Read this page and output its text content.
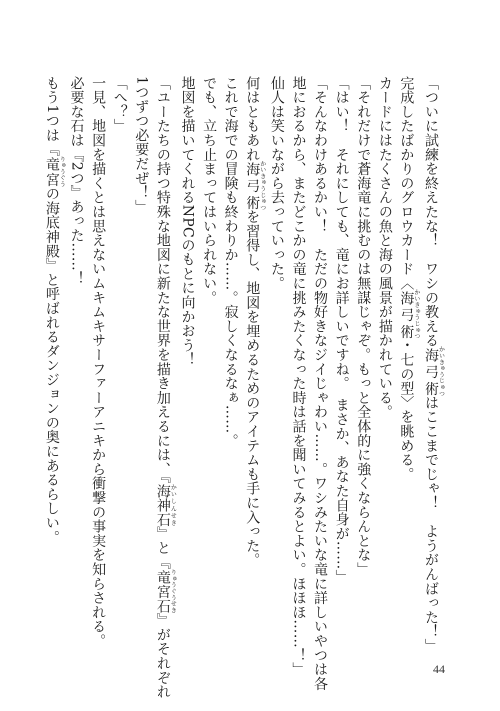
「ついに試練を終えたな！　ワシの教える海弓術かいきゅうじゅつはここまでじゃ！　ようがんばった！」
完成したばかりのグロウカード〈海弓術かいきゅうじゅつ・七の型〉を眺める。
カードにはたくさんの魚と海の風景が描かれている。
「それだけで蒼海竜に挑むのは無謀じゃぞ。もっと全体的に強くならんとな」
「はい！　それにしても、竜にお詳しいですね。　まさか、あなた自身が……」
「そんなわけあるかい！　ただの物好きなジイじゃわい……。ワシみたいな竜に詳しいやつは各
地におるから、またどこかの竜に挑みたくなった時は話を聞いてみるとよい。ほほほ……！」
仙人は笑いながら去っていった。
何はともあれ海弓術かいきゅうじゅつを習得し、地図を埋めるためのアイテムも手に入った。
これで海での冒険も終わりか……。寂しくなるなぁ……。
でも、立ち止まってはいられない。
地図を描いてくれるNPCのもとに向かおう！
「ユーたちの持つ特殊な地図に新たな世界を描き加えるには、『海神石かいしんせき』と『竜宮石りゅうぐうせき』がそれぞれ
1つずつ必要だぜ！」
「へ？」
一見、地図を描くとは思えないムキムキサーファーアニキから衝撃の事実を知らされる。
必要な石は『2つ』あった……！
もう1つは『竜宮りゅうぐうの海底神殿』と呼ばれるダンジョンの奥にあるらしい。
44
